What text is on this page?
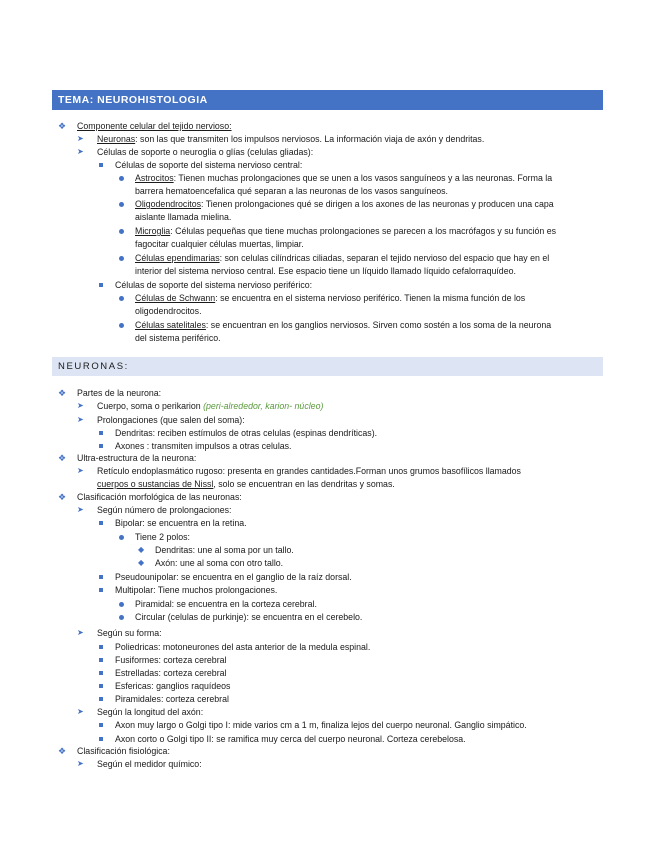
TEMA: NEUROHISTOLOGIA
❖ Componente celular del tejido nervioso:
➤ Neuronas: son las que transmiten los impulsos nerviosos. La información viaja de axón y dendritas.
➤ Células de soporte o neuroglia o glías (celulas gliadas):
Células de soporte del sistema nervioso central:
Astrocitos: Tienen muchas prolongaciones que se unen a los vasos sanguíneos y a las neuronas. Forma la
barrera hematoencefalica qué separan a las neuronas de los vasos sanguíneos.
Oligodendrocitos: Tienen prolongaciones qué se dirigen a los axones de las neuronas y producen una capa
aislante llamada mielina.
Microglia: Células pequeñas que tiene muchas prolongaciones se parecen a los macrófagos y su función es
fagocitar cualquier células muertas, limpiar.
Células ependimarias: son celulas cilíndricas ciliadas, separan el tejido nervioso del espacio que hay en el
interior del sistema nervioso central. Ese espacio tiene un líquido llamado líquido cefalorraquídeo.
Células de soporte del sistema nervioso periférico:
Células de Schwann: se encuentra en el sistema nervioso periférico. Tienen la misma función de los
oligodendrocitos.
Células satelitales: se encuentran en los ganglios nerviosos. Sirven como sostén a los soma de la neurona
del sistema periférico.
NEURONAS:
❖ Partes de la neurona:
➤ Cuerpo, soma o perikarion (peri-alrededor, karion- núcleo)
➤ Prolongaciones (que salen del soma):
Dendritas: reciben estímulos de otras celulas (espinas dendríticas).
Axones : transmiten impulsos a otras celulas.
❖ Ultra-estructura de la neurona:
➤ Retículo endoplasmático rugoso: presenta en grandes cantidades.Forman unos grumos basofílicos llamados
cuerpos o sustancias de Nissl, solo se encuentran en las dendritas y somas.
❖ Clasificación morfológica de las neuronas:
➤ Según número de prolongaciones:
Bipolar: se encuentra en la retina.
Tiene 2 polos:
◆ Dendritas: une al soma por un tallo.
◆ Axón: une al soma con otro tallo.
Pseudounipolar: se encuentra en el ganglio de la raíz dorsal.
Multipolar: Tiene muchos prolongaciones.
Piramidal: se encuentra en la corteza cerebral.
Circular (celulas de purkinje): se encuentra en el cerebelo.
➤ Según su forma:
Poliedricas: motoneurones del asta anterior de la medula espinal.
Fusiformes: corteza cerebral
Estrelladas: corteza cerebral
Esfericas: ganglios raquídeos
Piramidales: corteza cerebral
➤ Según la longitud del axón:
Axon muy largo o Golgi tipo I: mide varios cm a 1 m, finaliza lejos del cuerpo neuronal. Ganglio simpático.
Axon corto o Golgi tipo II: se ramifica muy cerca del cuerpo neuronal. Corteza cerebelosa.
❖ Clasificación fisiológica:
➤ Según el medidor químico:
